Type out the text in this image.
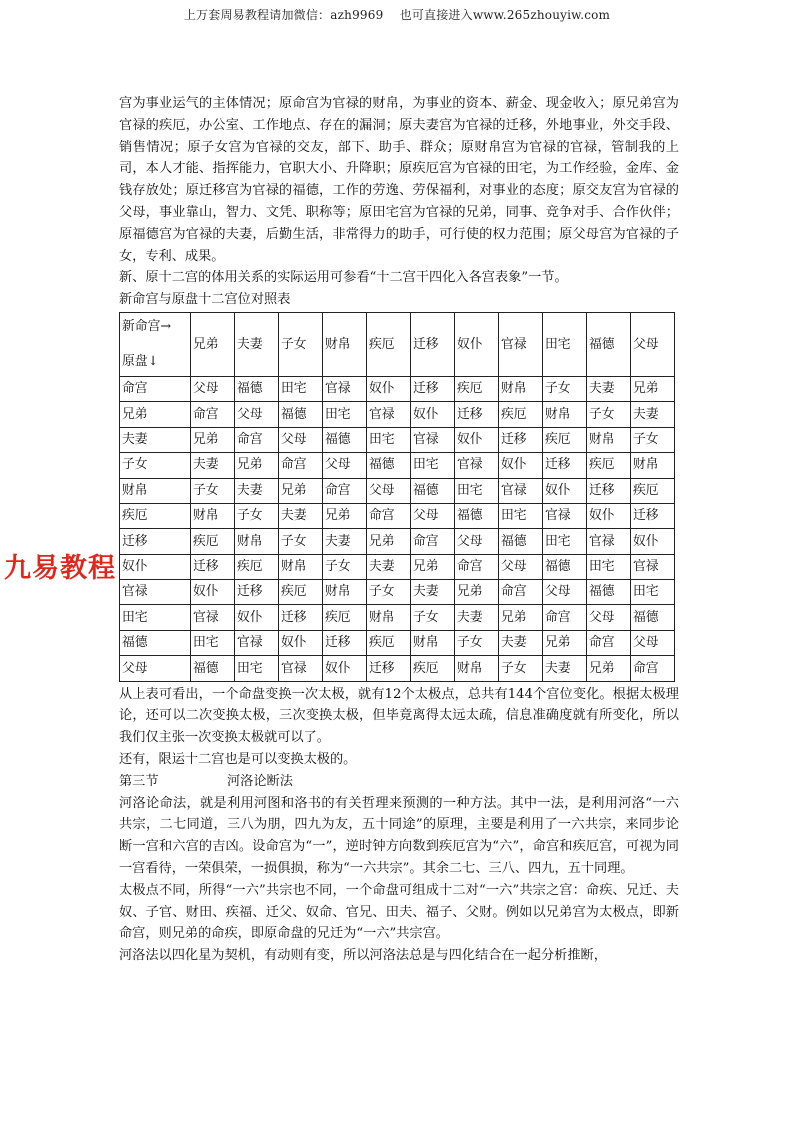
上万套周易教程请加微信：azh9969　 也可直接进入www.265zhouyiw.com

宫为事业运气的主体情况；原命宫为官禄的财帛，为事业的资本、薪金、现金收入；原兄弟宫为官禄的疾厄，办公室、工作地点、存在的漏洞；原夫妻宫为官禄的迁移，外地事业，外交手段、销售情况；原子女宫为官禄的交友，部下、助手、群众；原财帛宫为官禄的官禄，管制我的上司，本人才能、指挥能力，官职大小、升降职；原疾厄宫为官禄的田宅，为工作经验，金库、金钱存放处；原迁移宫为官禄的福德，工作的劳逸、劳保福利，对事业的态度；原交友宫为官禄的父母，事业靠山，智力、文凭、职称等；原田宅宫为官禄的兄弟，同事、竞争对手、合作伙伴；原福德宫为官禄的夫妻，后勤生活，非常得力的助手，可行使的权力范围；原父母宫为官禄的子女，专利、成果。

新、原十二宫的体用关系的实际运用可参看“十二宫干四化入各宫表象”一节。

新命宫与原盘十二宫位对照表

新命宫→
原盘↓	兄弟	夫妻	子女	财帛	疾厄	迁移	奴仆	官禄	田宅	福德	父母
命宫	父母	福德	田宅	官禄	奴仆	迁移	疾厄	财帛	子女	夫妻	兄弟
兄弟	命宫	父母	福德	田宅	官禄	奴仆	迁移	疾厄	财帛	子女	夫妻
夫妻	兄弟	命宫	父母	福德	田宅	官禄	奴仆	迁移	疾厄	财帛	子女
子女	夫妻	兄弟	命宫	父母	福德	田宅	官禄	奴仆	迁移	疾厄	财帛
财帛	子女	夫妻	兄弟	命宫	父母	福德	田宅	官禄	奴仆	迁移	疾厄
疾厄	财帛	子女	夫妻	兄弟	命宫	父母	福德	田宅	官禄	奴仆	迁移
迁移	疾厄	财帛	子女	夫妻	兄弟	命宫	父母	福德	田宅	官禄	奴仆
奴仆	迁移	疾厄	财帛	子女	夫妻	兄弟	命宫	父母	福德	田宅	官禄
官禄	奴仆	迁移	疾厄	财帛	子女	夫妻	兄弟	命宫	父母	福德	田宅
田宅	官禄	奴仆	迁移	疾厄	财帛	子女	夫妻	兄弟	命宫	父母	福德
福德	田宅	官禄	奴仆	迁移	疾厄	财帛	子女	夫妻	兄弟	命宫	父母
父母	福德	田宅	官禄	奴仆	迁移	疾厄	财帛	子女	夫妻	兄弟	命宫

从上表可看出，一个命盘变换一次太极，就有12个太极点，总共有144个宫位变化。根据太极理论，还可以二次变换太极，三次变换太极，但毕竟离得太远太疏，信息准确度就有所变化，所以我们仅主张一次变换太极就可以了。

还有，限运十二宫也是可以变换太极的。

第三节	河洛论断法

河洛论命法，就是利用河图和洛书的有关哲理来预测的一种方法。其中一法，是利用河洛“一六共宗，二七同道，三八为朋，四九为友，五十同途”的原理，主要是利用了一六共宗，来同步论断一宫和六宫的吉凶。设命宫为“一”，逆时钟方向数到疾厄宫为“六”，命宫和疾厄宫，可视为同一宫看待，一荣俱荣，一损俱损，称为“一六共宗”。其余二七、三八、四九，五十同理。

太极点不同，所得“一六”共宗也不同，一个命盘可组成十二对“一六”共宗之宫：命疾、兄迁、夫奴、子官、财田、疾福、迁父、奴命、官兄、田夫、福子、父财。例如以兄弟宫为太极点，即新命宫，则兄弟的命疾，即原命盘的兄迁为“一六”共宗宫。

河洛法以四化星为契机，有动则有变，所以河洛法总是与四化结合在一起分析推断，

九易教程
